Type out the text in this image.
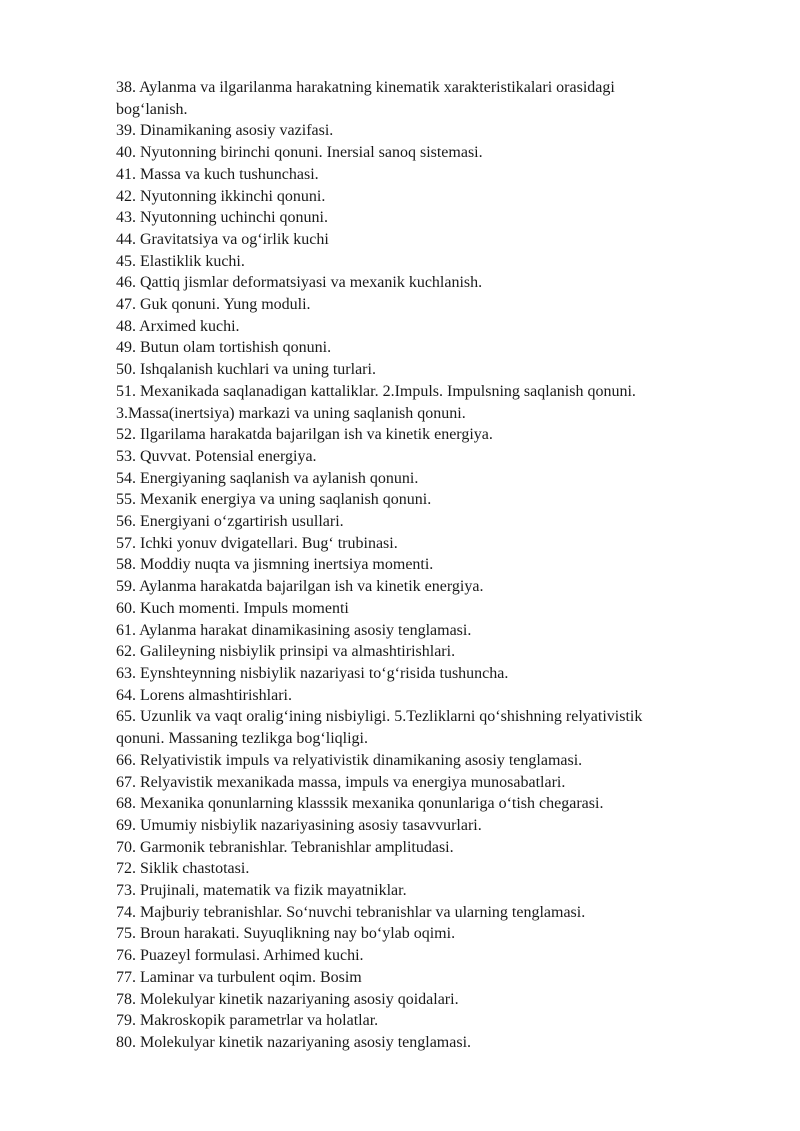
38. Aylanma va ilgarilanma harakatning kinematik xarakteristikalari orasidagi
bog‘lanish.
39. Dinamikaning asosiy vazifasi.
40. Nyutonning birinchi qonuni. Inersial sanoq sistemasi.
41. Massa va kuch tushunchasi.
42. Nyutonning ikkinchi qonuni.
43. Nyutonning uchinchi qonuni.
44. Gravitatsiya va og‘irlik kuchi
45. Elastiklik kuchi.
46. Qattiq jismlar deformatsiyasi va mexanik kuchlanish.
47. Guk qonuni. Yung moduli.
48. Arximed kuchi.
49. Butun olam tortishish qonuni.
50. Ishqalanish kuchlari va uning turlari.
51. Mexanikada saqlanadigan kattaliklar. 2.Impuls. Impulsning saqlanish qonuni.
3.Massa(inertsiya) markazi va uning saqlanish qonuni.
52. Ilgarilama harakatda bajarilgan ish va kinetik energiya.
53. Quvvat. Potensial energiya.
54. Energiyaning saqlanish va aylanish qonuni.
55. Mexanik energiya va uning saqlanish qonuni.
56. Energiyani o‘zgartirish usullari.
57. Ichki yonuv dvigatellari. Bug‘ trubinasi.
58. Moddiy nuqta va jismning inertsiya momenti.
59. Aylanma harakatda bajarilgan ish va kinetik energiya.
60. Kuch momenti. Impuls momenti
61. Aylanma harakat dinamikasining asosiy tenglamasi.
62. Galileyning nisbiylik prinsipi va almashtirishlari.
63. Eynshteynning nisbiylik nazariyasi to‘g‘risida tushuncha.
64. Lorens almashtirishlari.
65. Uzunlik va vaqt oralig‘ining nisbiyligi. 5.Tezliklarni qo‘shishning relyativistik
qonuni. Massaning tezlikga bog‘liqligi.
66. Relyativistik impuls va relyativistik dinamikaning asosiy tenglamasi.
67. Relyavistik mexanikada massa, impuls va energiya munosabatlari.
68. Mexanika qonunlarning klasssik mexanika qonunlariga o‘tish chegarasi.
69. Umumiy nisbiylik nazariyasining asosiy tasavvurlari.
70. Garmonik tebranishlar. Tebranishlar amplitudasi.
72. Siklik chastotasi.
73. Prujinali, matematik va fizik mayatniklar.
74. Majburiy tebranishlar. So‘nuvchi tebranishlar va ularning tenglamasi.
75. Broun harakati. Suyuqlikning nay bo‘ylab oqimi.
76. Puazeyl formulasi. Arhimed kuchi.
77. Laminar va turbulent oqim. Bosim
78. Molekulyar kinetik nazariyaning asosiy qoidalari.
79. Makroskopik parametrlar va holatlar.
80. Molekulyar kinetik nazariyaning asosiy tenglamasi.
